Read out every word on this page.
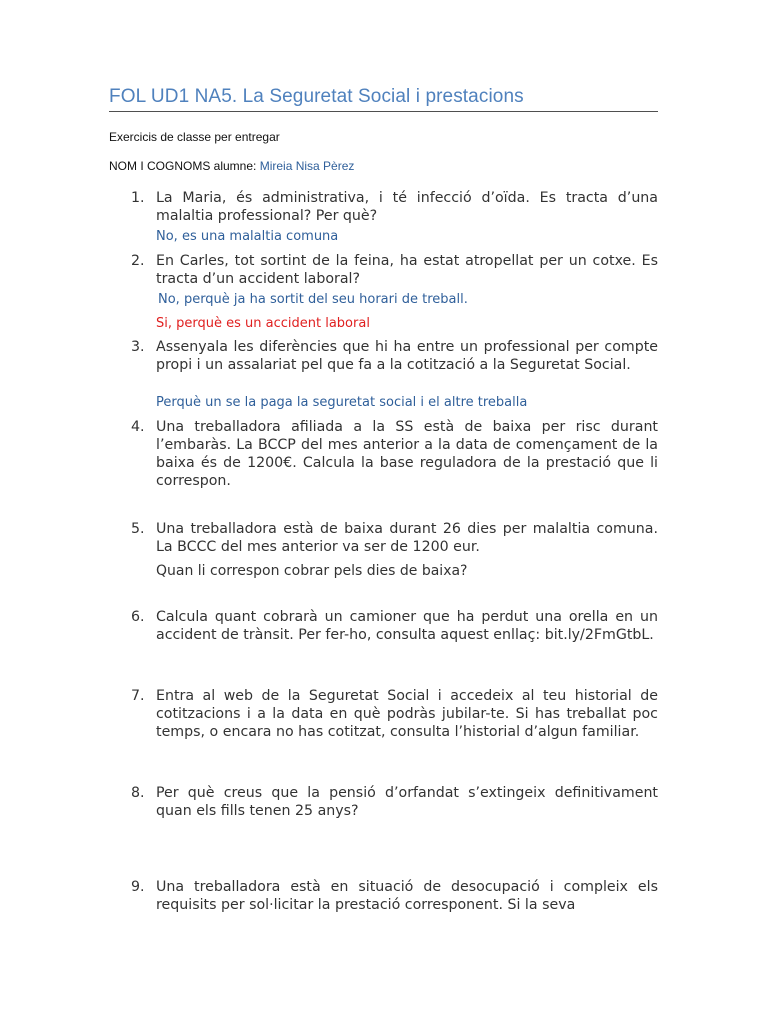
FOL UD1 NA5. La Seguretat Social i prestacions
Exercicis de classe per entregar
NOM I COGNOMS alumne: Mireia Nisa Pèrez
1. La Maria, és administrativa, i té infecció d’oïda. Es tracta d’una malaltia professional? Per què?
No, es una malaltia comuna
2. En Carles, tot sortint de la feina, ha estat atropellat per un cotxe. Es tracta d’un accident laboral?
No, perquè ja ha sortit del seu horari de treball.
Si, perquè es un accident laboral
3. Assenyala les diferències que hi ha entre un professional per compte propi i un assalariat pel que fa a la cotització a la Seguretat Social.
Perquè un se la paga la seguretat social i el altre treballa
4. Una treballadora afiliada a la SS està de baixa per risc durant l’embaràs. La BCCP del mes anterior a la data de començament de la baixa és de 1200€. Calcula la base reguladora de la prestació que li correspon.
5. Una treballadora està de baixa durant 26 dies per malaltia comuna. La BCCC del mes anterior va ser de 1200 eur.
Quan li correspon cobrar pels dies de baixa?
6. Calcula quant cobrarà un camioner que ha perdut una orella en un accident de trànsit. Per fer-ho, consulta aquest enllaç: bit.ly/2FmGtbL.
7. Entra al web de la Seguretat Social i accedeix al teu historial de cotitzacions i a la data en què podràs jubilar-te. Si has treballat poc temps, o encara no has cotitzat, consulta l’historial d’algun familiar.
8. Per què creus que la pensió d’orfandat s’extingeix definitivament quan els fills tenen 25 anys?
9. Una treballadora està en situació de desocupació i compleix els requisits per sol·licitar la prestació corresponent. Si la seva
